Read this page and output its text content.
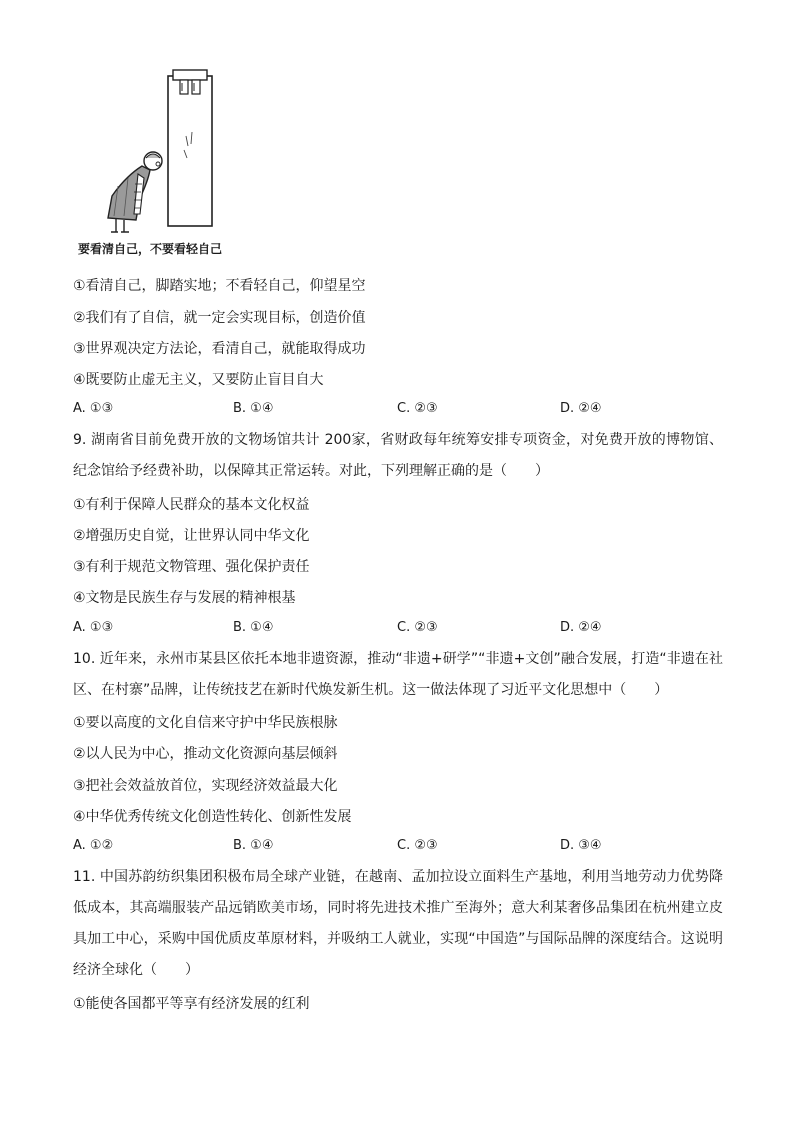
要看清自己，不要看轻自己
①看清自己，脚踏实地；不看轻自己，仰望星空
②我们有了自信，就一定会实现目标，创造价值
③世界观决定方法论，看清自己，就能取得成功
④既要防止虚无主义，又要防止盲目自大
A. ①③	B. ①④	C. ②③	D. ②④
9. 湖南省目前免费开放的文物场馆共计 200家，省财政每年统筹安排专项资金，对免费开放的博物馆、纪念馆给予经费补助，以保障其正常运转。对此，下列理解正确的是（　　）
①有利于保障人民群众的基本文化权益
②增强历史自觉，让世界认同中华文化
③有利于规范文物管理、强化保护责任
④文物是民族生存与发展的精神根基
A. ①③	B. ①④	C. ②③	D. ②④
10. 近年来，永州市某县区依托本地非遗资源，推动“非遗+研学”“非遗+文创”融合发展，打造“非遗在社区、在村寨”品牌，让传统技艺在新时代焕发新生机。这一做法体现了习近平文化思想中（　　）
①要以高度的文化自信来守护中华民族根脉
②以人民为中心，推动文化资源向基层倾斜
③把社会效益放首位，实现经济效益最大化
④中华优秀传统文化创造性转化、创新性发展
A. ①②	B. ①④	C. ②③	D. ③④
11. 中国苏韵纺织集团积极布局全球产业链，在越南、孟加拉设立面料生产基地，利用当地劳动力优势降低成本，其高端服装产品远销欧美市场，同时将先进技术推广至海外；意大利某奢侈品集团在杭州建立皮具加工中心，采购中国优质皮革原材料，并吸纳工人就业，实现“中国造”与国际品牌的深度结合。这说明经济全球化（　　）
①能使各国都平等享有经济发展的红利
